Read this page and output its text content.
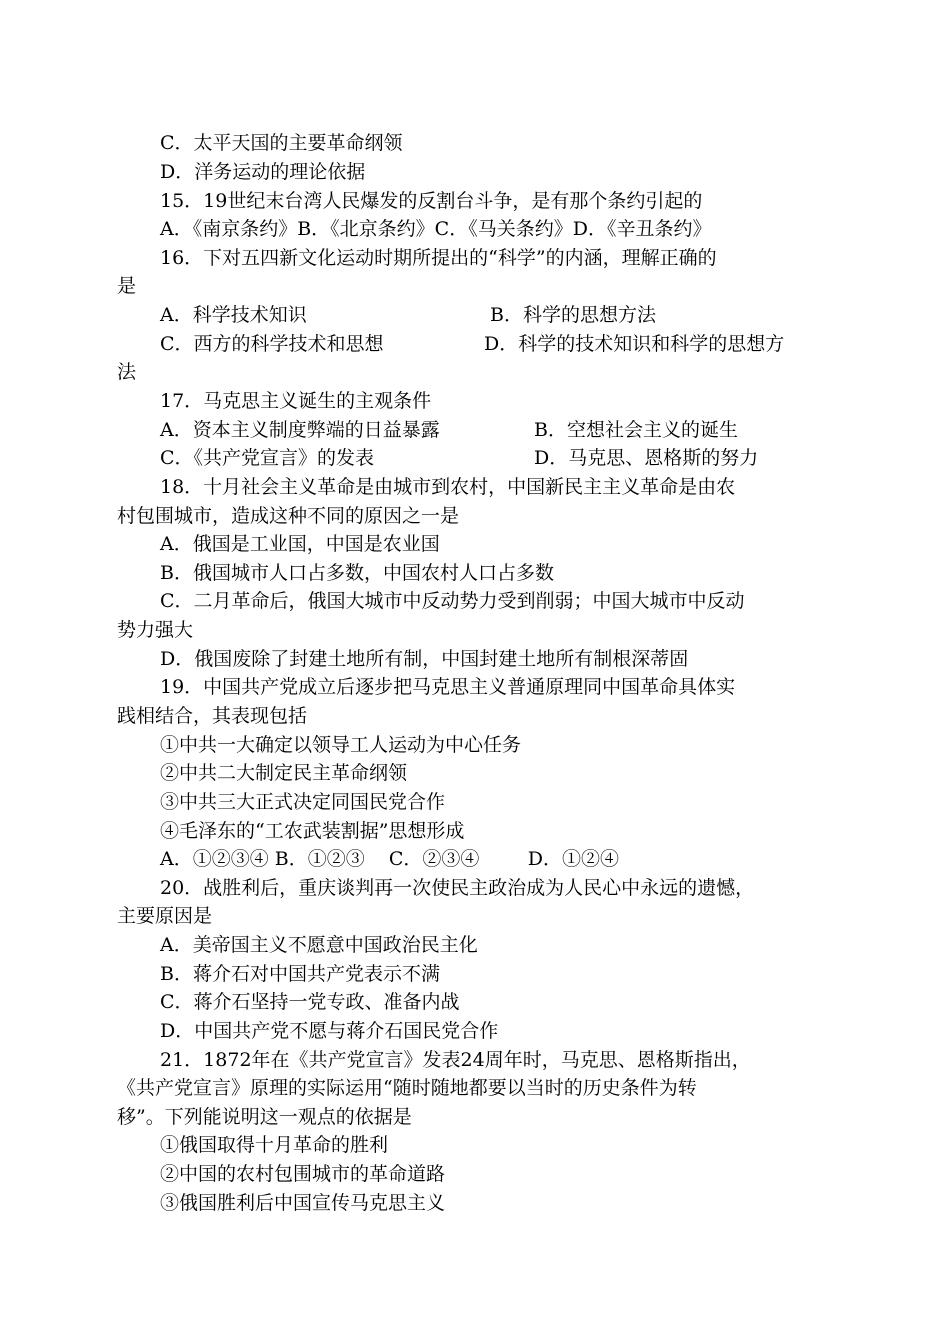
C．太平天国的主要革命纲领
D．洋务运动的理论依据
15．19世纪末台湾人民爆发的反割台斗争，是有那个条约引起的
A．《南京条约》B．《北京条约》C．《马关条约》D．《辛丑条约》
16．下对五四新文化运动时期所提出的“科学”的内涵，理解正确的
是
A．科学技术知识	B．科学的思想方法
C．西方的科学技术和思想	D．科学的技术知识和科学的思想方
法
17．马克思主义诞生的主观条件
A．资本主义制度弊端的日益暴露	B．空想社会主义的诞生
C．《共产党宣言》的发表	D．马克思、恩格斯的努力
18．十月社会主义革命是由城市到农村，中国新民主主义革命是由农
村包围城市，造成这种不同的原因之一是
A．俄国是工业国，中国是农业国
B．俄国城市人口占多数，中国农村人口占多数
C．二月革命后，俄国大城市中反动势力受到削弱；中国大城市中反动
势力强大
D．俄国废除了封建土地所有制，中国封建土地所有制根深蒂固
19．中国共产党成立后逐步把马克思主义普通原理同中国革命具体实
践相结合，其表现包括
①中共一大确定以领导工人运动为中心任务
②中共二大制定民主革命纲领
③中共三大正式决定同国民党合作
④毛泽东的“工农武装割据”思想形成
A．①②③④ B．①②③    C．②③④        D．①②④
20．战胜利后，重庆谈判再一次使民主政治成为人民心中永远的遗憾，
主要原因是
A．美帝国主义不愿意中国政治民主化
B．蒋介石对中国共产党表示不满
C．蒋介石坚持一党专政、准备内战
D．中国共产党不愿与蒋介石国民党合作
21．1872年在《共产党宣言》发表24周年时，马克思、恩格斯指出，
《共产党宣言》原理的实际运用“随时随地都要以当时的历史条件为转
移”。下列能说明这一观点的依据是
①俄国取得十月革命的胜利
②中国的农村包围城市的革命道路
③俄国胜利后中国宣传马克思主义
